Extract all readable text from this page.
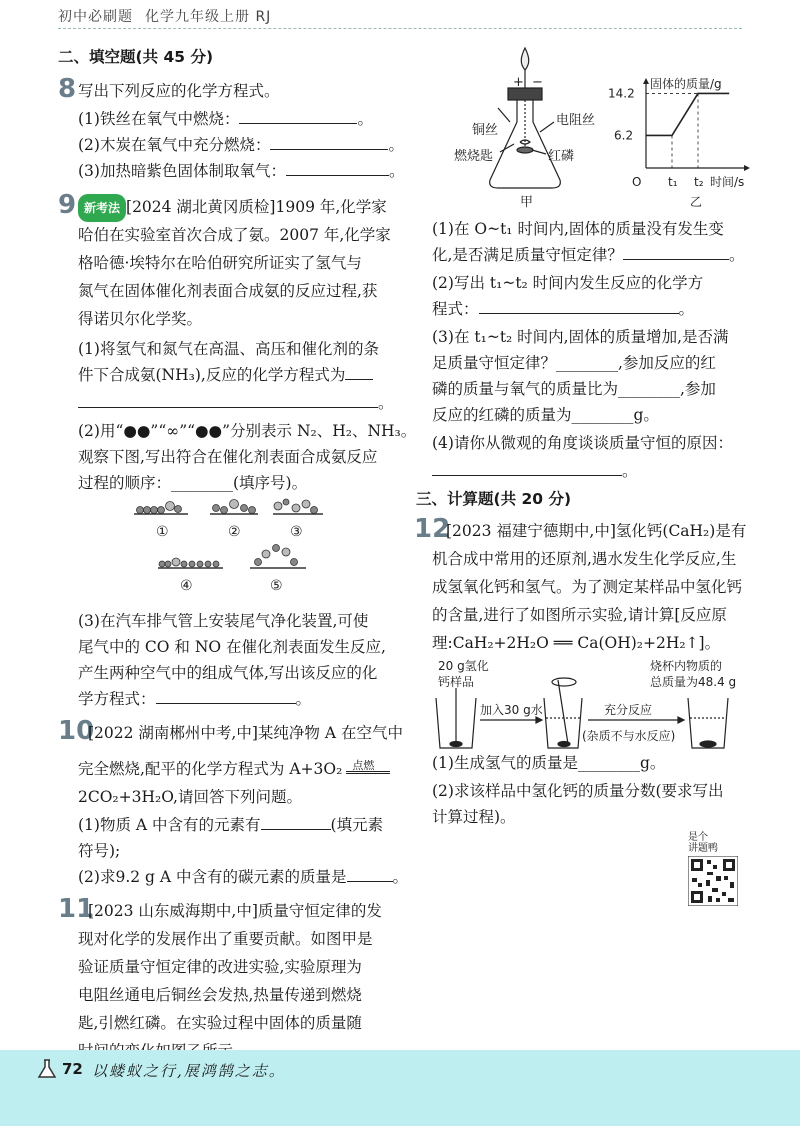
初中必刷题 化学九年级上册 RJ
二、填空题(共 45 分)
8 写出下列反应的化学方程式。
(1)铁丝在氧气中燃烧：	。
(2)木炭在氧气中充分燃烧：	。
(3)加热暗紫色固体制取氧气：	。
9 新考法 [2024 湖北黄冈质检]1909 年,化学家
哈伯在实验室首次合成了氨。2007 年,化学家
格哈德·埃特尔在哈伯研究所证实了氢气与
氮气在固体催化剂表面合成氨的反应过程,获
得诺贝尔化学奖。
(1)将氢气和氮气在高温、高压和催化剂的条
件下合成氨(NH₃),反应的化学方程式为
。
(2)用“●●”“∞”“●●”分别表示 N₂、H₂、NH₃。
观察下图,写出符合在催化剂表面合成氨反应
过程的顺序：________(填序号)。
①	②	③
④	⑤
(3)在汽车排气管上安装尾气净化装置,可使
尾气中的 CO 和 NO 在催化剂表面发生反应,
产生两种空气中的组成气体,写出该反应的化
学方程式：	。
10
[2022 湖南郴州中考,中]某纯净物 A 在空气中
完全燃烧,配平的化学方程式为 A+3O₂ 点燃
2CO₂+3H₂O,请回答下列问题。
(1)物质 A 中含有的元素有	(填元素
符号);
(2)求9.2 g A 中含有的碳元素的质量是	。
11
[2023 山东威海期中,中]质量守恒定律的发
现对化学的发展作出了重要贡献。如图甲是
验证质量守恒定律的改进实验,实验原理为
电阻丝通电后铜丝会发热,热量传递到燃烧
匙,引燃红磷。在实验过程中固体的质量随
+ −
铜丝
电阻丝
燃烧匙	红磷
甲
固体的质量/g
14.2
6.2
O t₁ t₂ 时间/s
乙
(1)在 O~t₁ 时间内,固体的质量没有发生变
化,是否满足质量守恒定律？	。
(2)写出 t₁~t₂ 时间内发生反应的化学方
程式：	。
(3)在 t₁~t₂ 时间内,固体的质量增加,是否满
足质量守恒定律？________,参加反应的红
磷的质量与氧气的质量比为________,参加
反应的红磷的质量为________g。
(4)请你从微观的角度谈谈质量守恒的原因：
。
三、计算题(共 20 分)
12
[2023 福建宁德期中,中]氢化钙(CaH₂)是有
机合成中常用的还原剂,遇水发生化学反应,生
成氢氧化钙和氢气。为了测定某样品中氢化钙
的含量,进行了如图所示实验,请计算[反应原
理:CaH₂+2H₂O ══ Ca(OH)₂+2H₂↑]。
20 g氢化
钙样品
烧杯内物质的
总质量为48.4 g
加入30 g水	充分反应
(杂质不与水反应)
(1)生成氢气的质量是________g。
(2)求该样品中氢化钙的质量分数(要求写出
计算过程)。
是个
讲题鸭
72 以蝼蚁之行,展鸿鹄之志。
